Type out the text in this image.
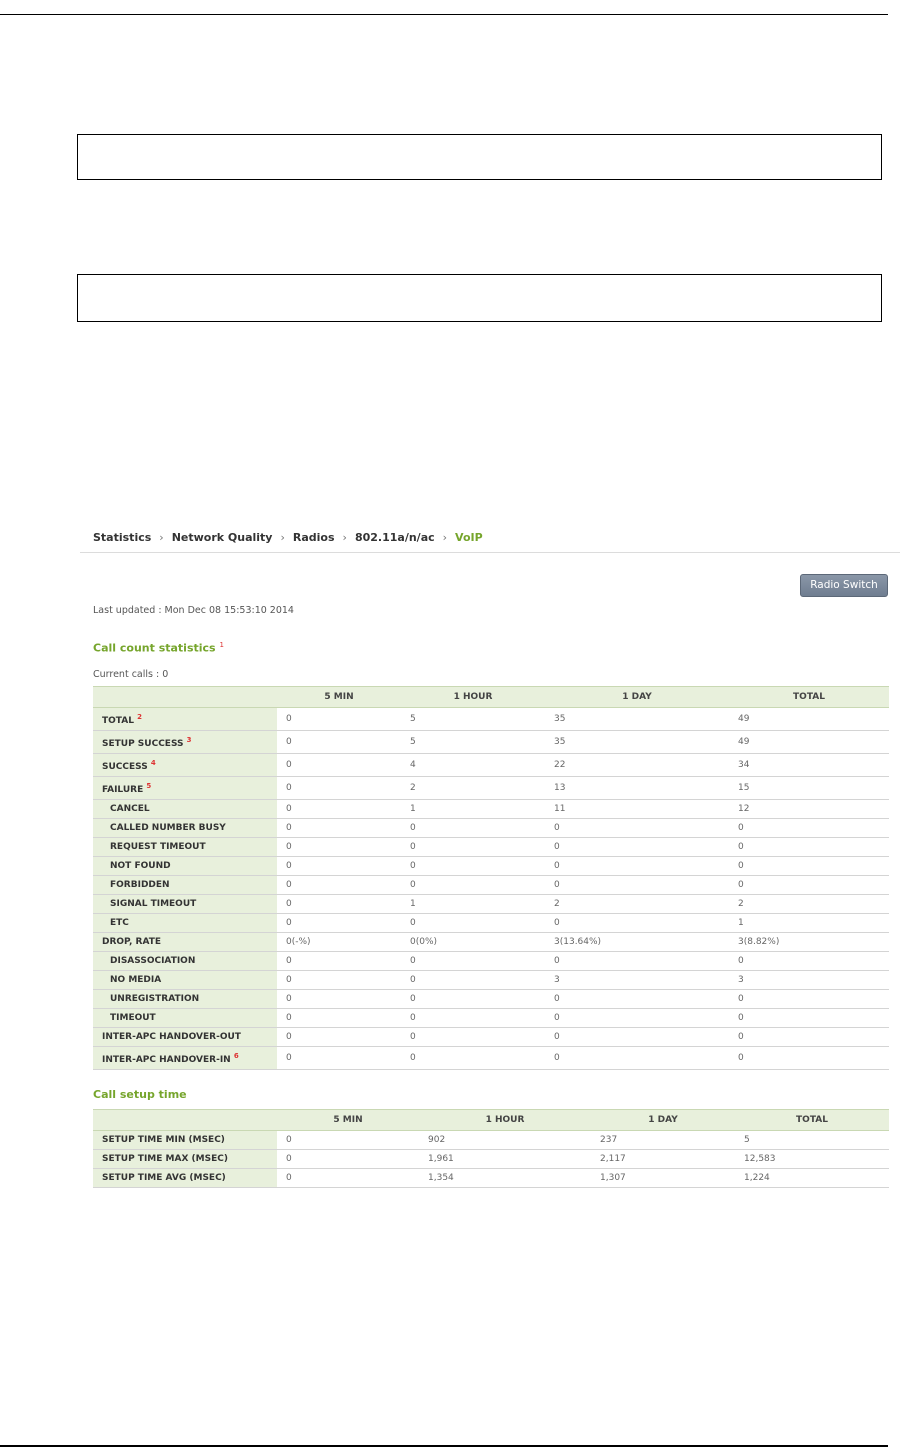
Statistics › Network Quality › Radios › 802.11a/n/ac › VoIP
Radio Switch
Last updated : Mon Dec 08 15:53:10 2014
Call count statistics $^1$
Current calls : 0
	5 MIN	1 HOUR	1 DAY	TOTAL
TOTAL $^2$	0	5	35	49
SETUP SUCCESS $^3$	0	5	35	49
SUCCESS $^4$	0	4	22	34
FAILURE $^5$	0	2	13	15
CANCEL	0	1	11	12
CALLED NUMBER BUSY	0	0	0	0
REQUEST TIMEOUT	0	0	0	0
NOT FOUND	0	0	0	0
FORBIDDEN	0	0	0	0
SIGNAL TIMEOUT	0	1	2	2
ETC	0	0	0	1
DROP, RATE	0(-%)	0(0%)	3(13.64%)	3(8.82%)
DISASSOCIATION	0	0	0	0
NO MEDIA	0	0	3	3
UNREGISTRATION	0	0	0	0
TIMEOUT	0	0	0	0
INTER-APC HANDOVER-OUT	0	0	0	0
INTER-APC HANDOVER-IN $^6$	0	0	0	0
Call setup time
	5 MIN	1 HOUR	1 DAY	TOTAL
SETUP TIME MIN (MSEC)	0	902	237	5
SETUP TIME MAX (MSEC)	0	1,961	2,117	12,583
SETUP TIME AVG (MSEC)	0	1,354	1,307	1,224
